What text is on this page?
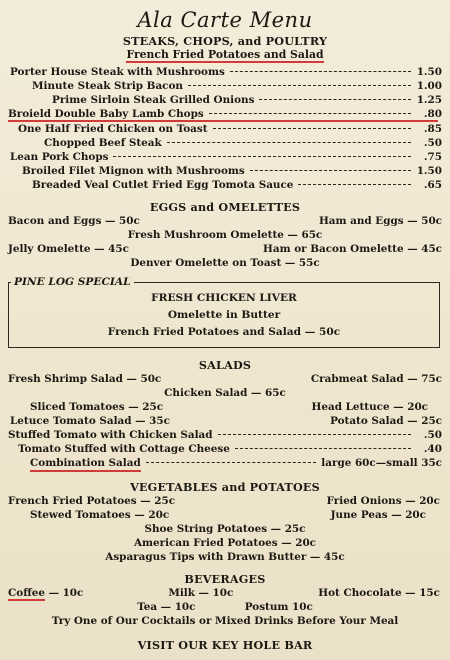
Ala Carte Menu
STEAKS, CHOPS, and POULTRY
French Fried Potatoes and Salad
Porter House Steak with Mushrooms	1.50
Minute Steak Strip Bacon	1.00
Prime Sirloin Steak Grilled Onions	1.25
Broield Double Baby Lamb Chops	.80
One Half Fried Chicken on Toast	.85
Chopped Beef Steak	.50
Lean Pork Chops	.75
Broiled Filet Mignon with Mushrooms	1.50
Breaded Veal Cutlet Fried Egg Tomota Sauce	.65
EGGS and OMELETTES
Bacon and Eggs — 50c	Ham and Eggs — 50c
Fresh Mushroom Omelette — 65c
Jelly Omelette — 45c	Ham or Bacon Omelette — 45c
Denver Omelette on Toast — 55c
PINE LOG SPECIAL
FRESH CHICKEN LIVER
Omelette in Butter
French Fried Potatoes and Salad — 50c
SALADS
Fresh Shrimp Salad — 50c	Crabmeat Salad — 75c
Chicken Salad — 65c
Sliced Tomatoes — 25c	Head Lettuce — 20c
Letuce Tomato Salad — 35c	Potato Salad — 25c
Stuffed Tomato with Chicken Salad	.50
Tomato Stuffed with Cottage Cheese	.40
Combination Salad	large 60c—small 35c
VEGETABLES and POTATOES
French Fried Potatoes — 25c	Fried Onions — 20c
Stewed Tomatoes — 20c	June Peas — 20c
Shoe String Potatoes — 25c
American Fried Potatoes — 20c
Asparagus Tips with Drawn Butter — 45c
BEVERAGES
Coffee — 10c	Milk — 10c	Hot Chocolate — 15c
Tea — 10c	Postum 10c
Try One of Our Cocktails or Mixed Drinks Before Your Meal
VISIT OUR KEY HOLE BAR
